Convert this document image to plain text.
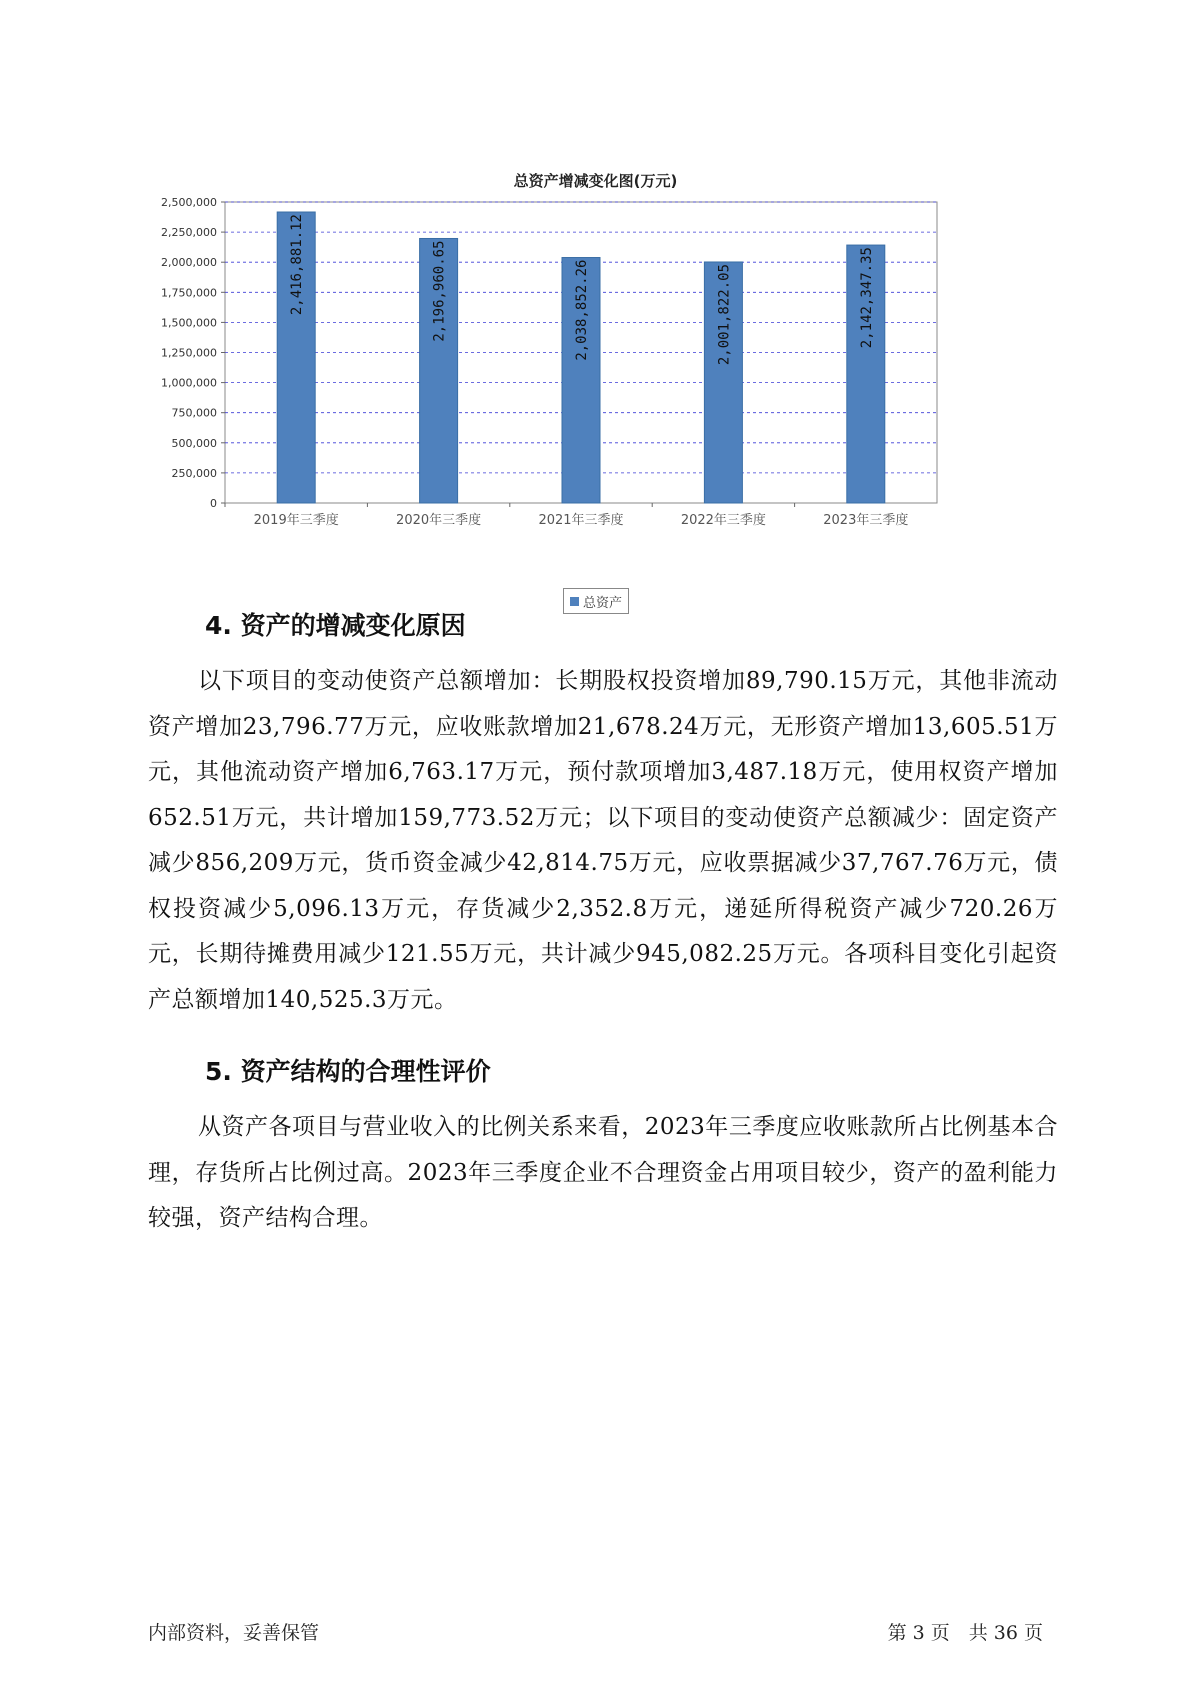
总资产增减变化图(万元)
0
250,000
500,000
750,000
1,000,000
1,250,000
1,500,000
1,750,000
2,000,000
2,250,000
2,500,000
2,416,881.12
2019年三季度
2,196,960.65
2020年三季度
2,038,852.26
2021年三季度
2,001,822.05
2022年三季度
2,142,347.35
2023年三季度
总资产
4. 资产的增减变化原因

以下项目的变动使资产总额增加：长期股权投资增加89,790.15万元，其他非流动资产增加23,796.77万元，应收账款增加21,678.24万元，无形资产增加13,605.51万元，其他流动资产增加6,763.17万元，预付款项增加3,487.18万元，使用权资产增加652.51万元，共计增加159,773.52万元；以下项目的变动使资产总额减少：固定资产减少856,209万元，货币资金减少42,814.75万元，应收票据减少37,767.76万元，债权投资减少5,096.13万元，存货减少2,352.8万元，递延所得税资产减少720.26万元，长期待摊费用减少121.55万元，共计减少945,082.25万元。各项科目变化引起资产总额增加140,525.3万元。

5. 资产结构的合理性评价

从资产各项目与营业收入的比例关系来看，2023年三季度应收账款所占比例基本合理，存货所占比例过高。2023年三季度企业不合理资金占用项目较少，资产的盈利能力较强，资产结构合理。

内部资料，妥善保管	第 3 页　共 36 页
